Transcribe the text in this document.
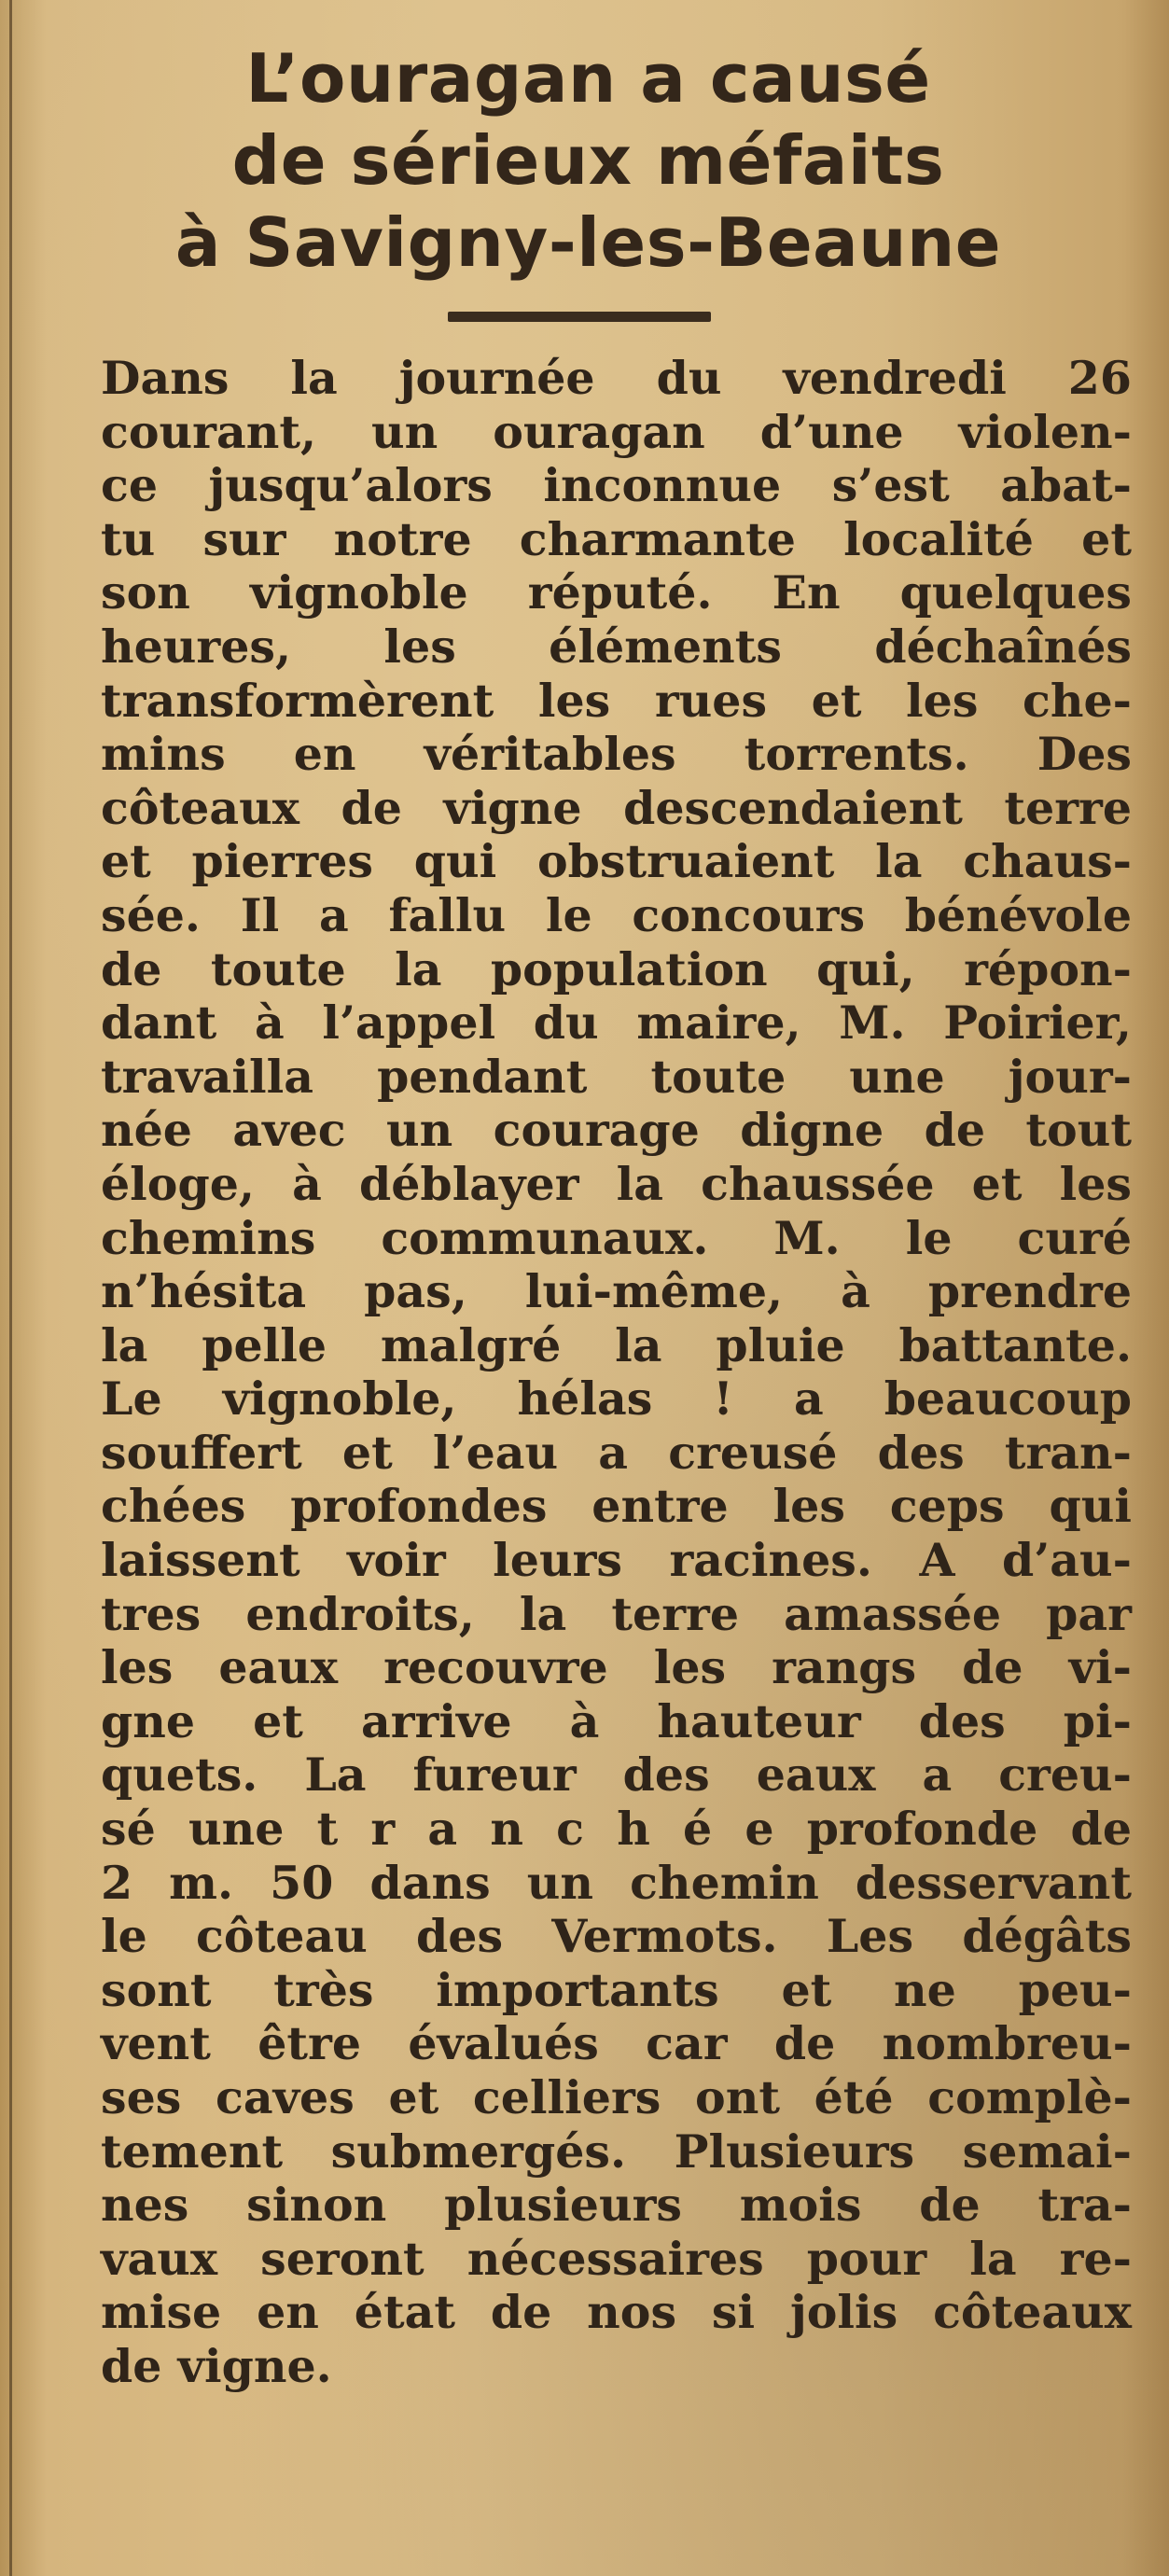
L’ouragan a causé
de sérieux méfaits
à Savigny-les-Beaune
Dans la journée du vendredi 26
courant, un ouragan d’une violen-
ce jusqu’alors inconnue s’est abat-
tu sur notre charmante localité et
son vignoble réputé. En quelques
heures, les éléments déchaînés
transformèrent les rues et les che-
mins en véritables torrents. Des
côteaux de vigne descendaient terre
et pierres qui obstruaient la chaus-
sée. Il a fallu le concours bénévole
de toute la population qui, répon-
dant à l’appel du maire, M. Poirier,
travailla pendant toute une jour-
née avec un courage digne de tout
éloge, à déblayer la chaussée et les
chemins communaux. M. le curé
n’hésita pas, lui-même, à prendre
la pelle malgré la pluie battante.
Le vignoble, hélas ! a beaucoup
souffert et l’eau a creusé des tran-
chées profondes entre les ceps qui
laissent voir leurs racines. A d’au-
tres endroits, la terre amassée par
les eaux recouvre les rangs de vi-
gne et arrive à hauteur des pi-
quets. La fureur des eaux a creu-
sé une t r a n c h é e profonde de
2 m. 50 dans un chemin desservant
le côteau des Vermots. Les dégâts
sont très importants et ne peu-
vent être évalués car de nombreu-
ses caves et celliers ont été complè-
tement submergés. Plusieurs semai-
nes sinon plusieurs mois de tra-
vaux seront nécessaires pour la re-
mise en état de nos si jolis côteaux
de vigne.
